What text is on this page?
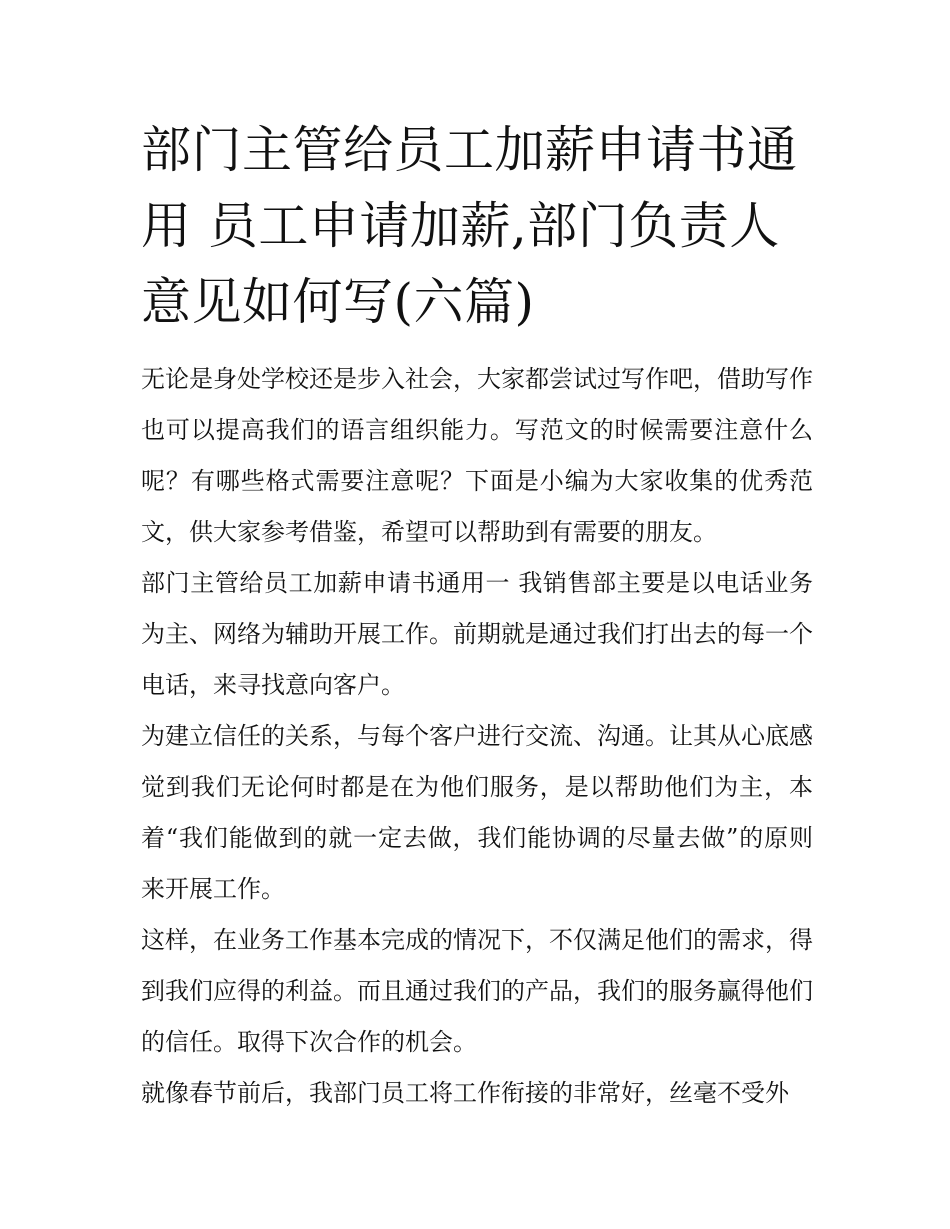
部门主管给员工加薪申请书通用 员工申请加薪,部门负责人意见如何写(六篇)

无论是身处学校还是步入社会，大家都尝试过写作吧，借助写作也可以提高我们的语言组织能力。写范文的时候需要注意什么呢？有哪些格式需要注意呢？下面是小编为大家收集的优秀范文，供大家参考借鉴，希望可以帮助到有需要的朋友。

部门主管给员工加薪申请书通用一 我销售部主要是以电话业务为主、网络为辅助开展工作。前期就是通过我们打出去的每一个电话，来寻找意向客户。

为建立信任的关系，与每个客户进行交流、沟通。让其从心底感觉到我们无论何时都是在为他们服务，是以帮助他们为主，本着“我们能做到的就一定去做，我们能协调的尽量去做”的原则来开展工作。

这样，在业务工作基本完成的情况下，不仅满足他们的需求，得到我们应得的利益。而且通过我们的产品，我们的服务赢得他们的信任。取得下次合作的机会。

就像春节前后，我部门员工将工作衔接的非常好，丝毫不受外
